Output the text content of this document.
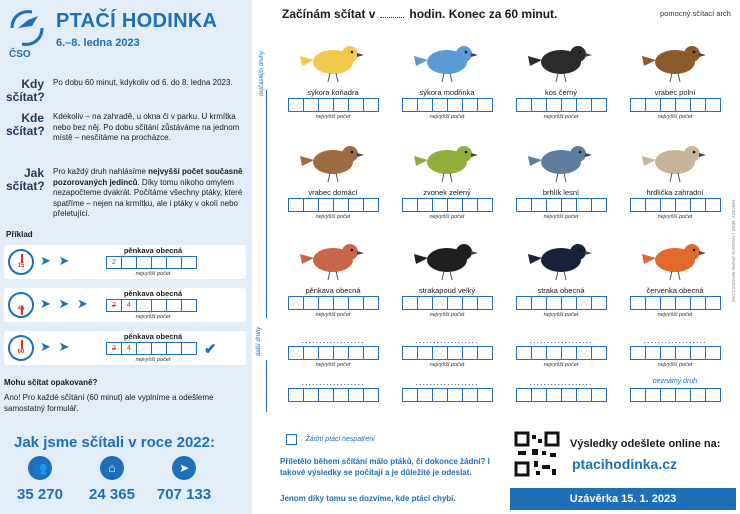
ČSO
PTAČÍ HODINKA
6.–8. ledna 2023
Kdy sčítat?
Po dobu 60 minut, kdykoliv od 6. do 8. ledna 2023.
Kde sčítat?
Kdekoliv – na zahradě, u okna či v parku. U krmítka nebo bez něj. Po dobu sčítání zůstáváme na jednom místě – nesčítáme na procházce.
Jak sčítat?
Pro každý druh nahlásíme nejvyšší počet současně pozorovaných jedinců. Díky tomu nikoho omylem nezapočteme dvakrát. Počítáme všechny ptáky, které spatříme – nejen na krmítku, ale i ptáky v okolí nebo přeletující.
Příklad
15	➤ ➤
pěnkava obecná
2
nejvyšší počet
45	➤ ➤ ➤
pěnkava obecná
2	4
nejvyšší počet
60	➤ ➤
pěnkava obecná
2	4
nejvyšší počet
✔
Mohu sčítat opakovaně?
Ano! Pro každé sčítání (60 minut) ale vyplníme a odešleme samostatný formulář.
Jak jsme sčítali v roce 2022:
👥
35 270
⌂
24 365
➤
707 133
Začínám sčítat v	hodin. Konec za 60 minut.	pomocný sčítací arch
nejčastější druhy
další druhy
sýkora koňadra
nejvyšší počet
sýkora modřinka
nejvyšší počet
kos černý
nejvyšší počet
vrabec polní
nejvyšší počet
vrabec domácí
nejvyšší počet
zvonek zelený
nejvyšší počet
brhlík lesní
nejvyšší počet
hrdlička zahradní
nejvyšší počet
pěnkava obecná
nejvyšší počet
strakapoud velký
nejvyšší počet
straka obecná
nejvyšší počet
červenka obecná
nejvyšší počet
..................
nejvyšší počet
..................
nejvyšší počet
..................
nejvyšší počet
..................
nejvyšší počet
..................	..................	..................	neznámý druh
KRESBY: MIKE LANGMAN (RSPB-IMAGES.COM)
Žádní ptáci nespatřeni
Přiletělo během sčítání málo ptáků, či dokonce žádní? I takové výsledky se počítají a je důležité je odeslat.
Jenom díky tomu se dozvíme, kde ptáci chybí.
Výsledky odešlete online na:
ptacihodinka.cz
Uzávěrka 15. 1. 2023
